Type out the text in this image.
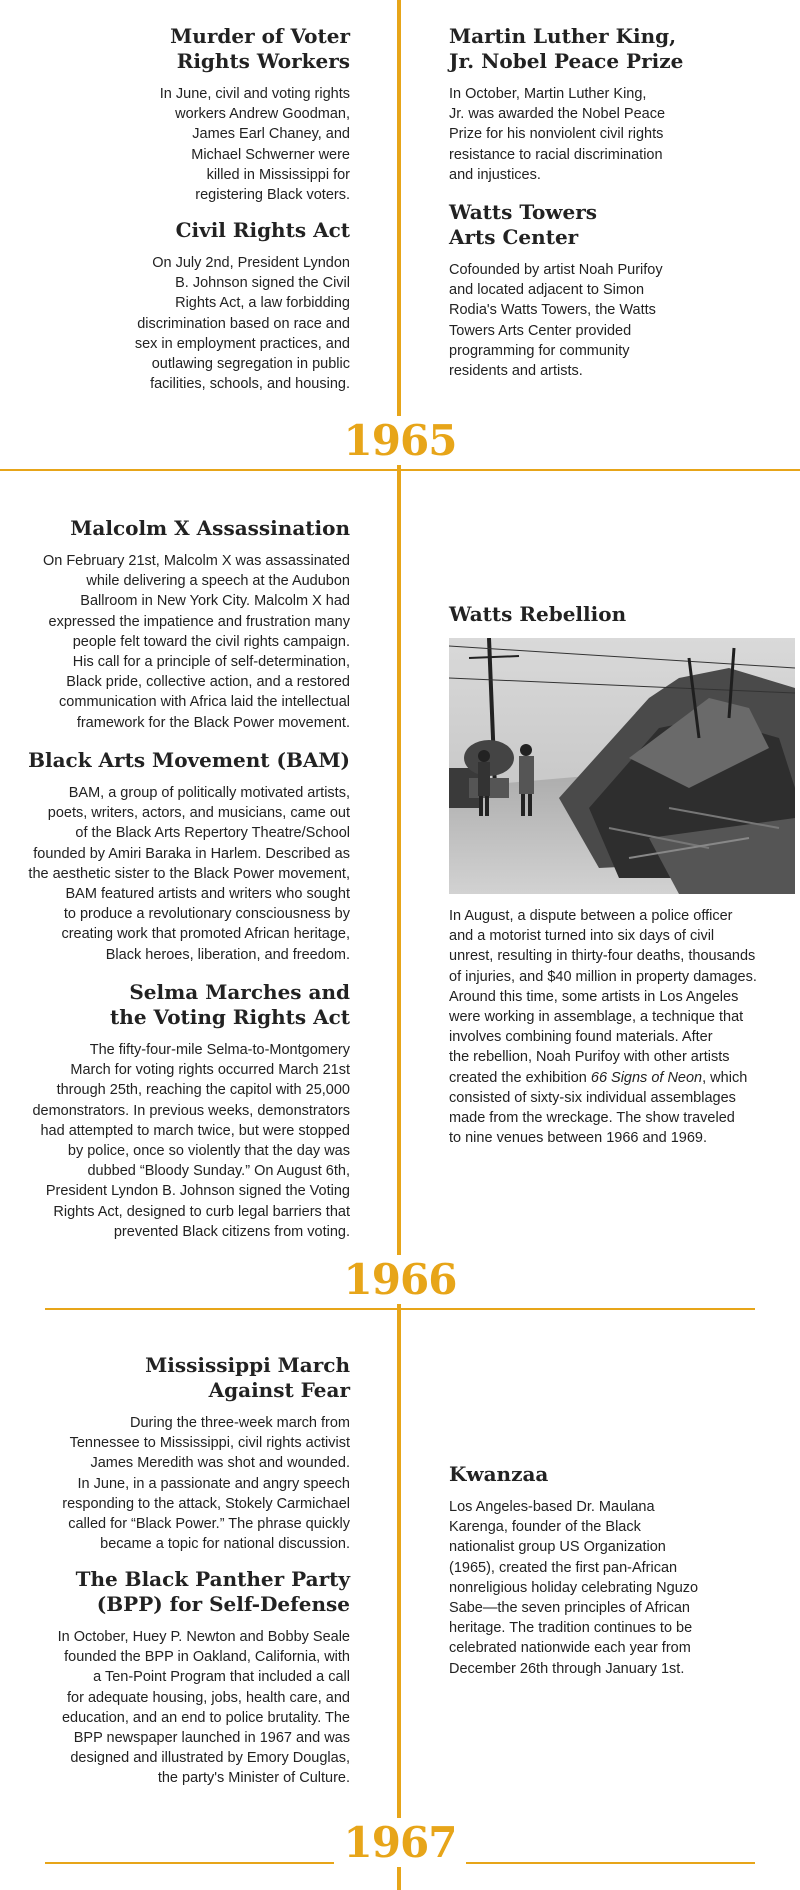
1965
1966
1967
Murder of Voter
Rights Workers

In June, civil and voting rights
workers Andrew Goodman,
James Earl Chaney, and
Michael Schwerner were
killed in Mississippi for
registering Black voters.

Civil Rights Act

On July 2nd, President Lyndon
B. Johnson signed the Civil
Rights Act, a law forbidding
discrimination based on race and
sex in employment practices, and
outlawing segregation in public
facilities, schools, and housing.

Martin Luther King,
Jr. Nobel Peace Prize

In October, Martin Luther King,
Jr. was awarded the Nobel Peace
Prize for his nonviolent civil rights
resistance to racial discrimination
and injustices.

Watts Towers
Arts Center

Cofounded by artist Noah Purifoy
and located adjacent to Simon
Rodia's Watts Towers, the Watts
Towers Arts Center provided
programming for community
residents and artists.

Malcolm X Assassination

On February 21st, Malcolm X was assassinated
while delivering a speech at the Audubon
Ballroom in New York City. Malcolm X had
expressed the impatience and frustration many
people felt toward the civil rights campaign.
His call for a principle of self-determination,
Black pride, collective action, and a restored
communication with Africa laid the intellectual
framework for the Black Power movement.

Black Arts Movement (BAM)

BAM, a group of politically motivated artists,
poets, writers, actors, and musicians, came out
of the Black Arts Repertory Theatre/School
founded by Amiri Baraka in Harlem. Described as
the aesthetic sister to the Black Power movement,
BAM featured artists and writers who sought
to produce a revolutionary consciousness by
creating work that promoted African heritage,
Black heroes, liberation, and freedom.

Selma Marches and
the Voting Rights Act

The fifty-four-mile Selma-to-Montgomery
March for voting rights occurred March 21st
through 25th, reaching the capitol with 25,000
demonstrators. In previous weeks, demonstrators
had attempted to march twice, but were stopped
by police, once so violently that the day was
dubbed “Bloody Sunday.” On August 6th,
President Lyndon B. Johnson signed the Voting
Rights Act, designed to curb legal barriers that
prevented Black citizens from voting.

Watts Rebellion

In August, a dispute between a police officer
and a motorist turned into six days of civil
unrest, resulting in thirty-four deaths, thousands
of injuries, and $40 million in property damages.
Around this time, some artists in Los Angeles
were working in assemblage, a technique that
involves combining found materials. After
the rebellion, Noah Purifoy with other artists
created the exhibition 66 Signs of Neon, which
consisted of sixty-six individual assemblages
made from the wreckage. The show traveled
to nine venues between 1966 and 1969.

Mississippi March
Against Fear

During the three-week march from
Tennessee to Mississippi, civil rights activist
James Meredith was shot and wounded.
In June, in a passionate and angry speech
responding to the attack, Stokely Carmichael
called for “Black Power.” The phrase quickly
became a topic for national discussion.

The Black Panther Party
(BPP) for Self-Defense

In October, Huey P. Newton and Bobby Seale
founded the BPP in Oakland, California, with
a Ten-Point Program that included a call
for adequate housing, jobs, health care, and
education, and an end to police brutality. The
BPP newspaper launched in 1967 and was
designed and illustrated by Emory Douglas,
the party's Minister of Culture.

Kwanzaa

Los Angeles-based Dr. Maulana
Karenga, founder of the Black
nationalist group US Organization
(1965), created the first pan-African
nonreligious holiday celebrating Nguzo
Sabe—the seven principles of African
heritage. The tradition continues to be
celebrated nationwide each year from
December 26th through January 1st.
